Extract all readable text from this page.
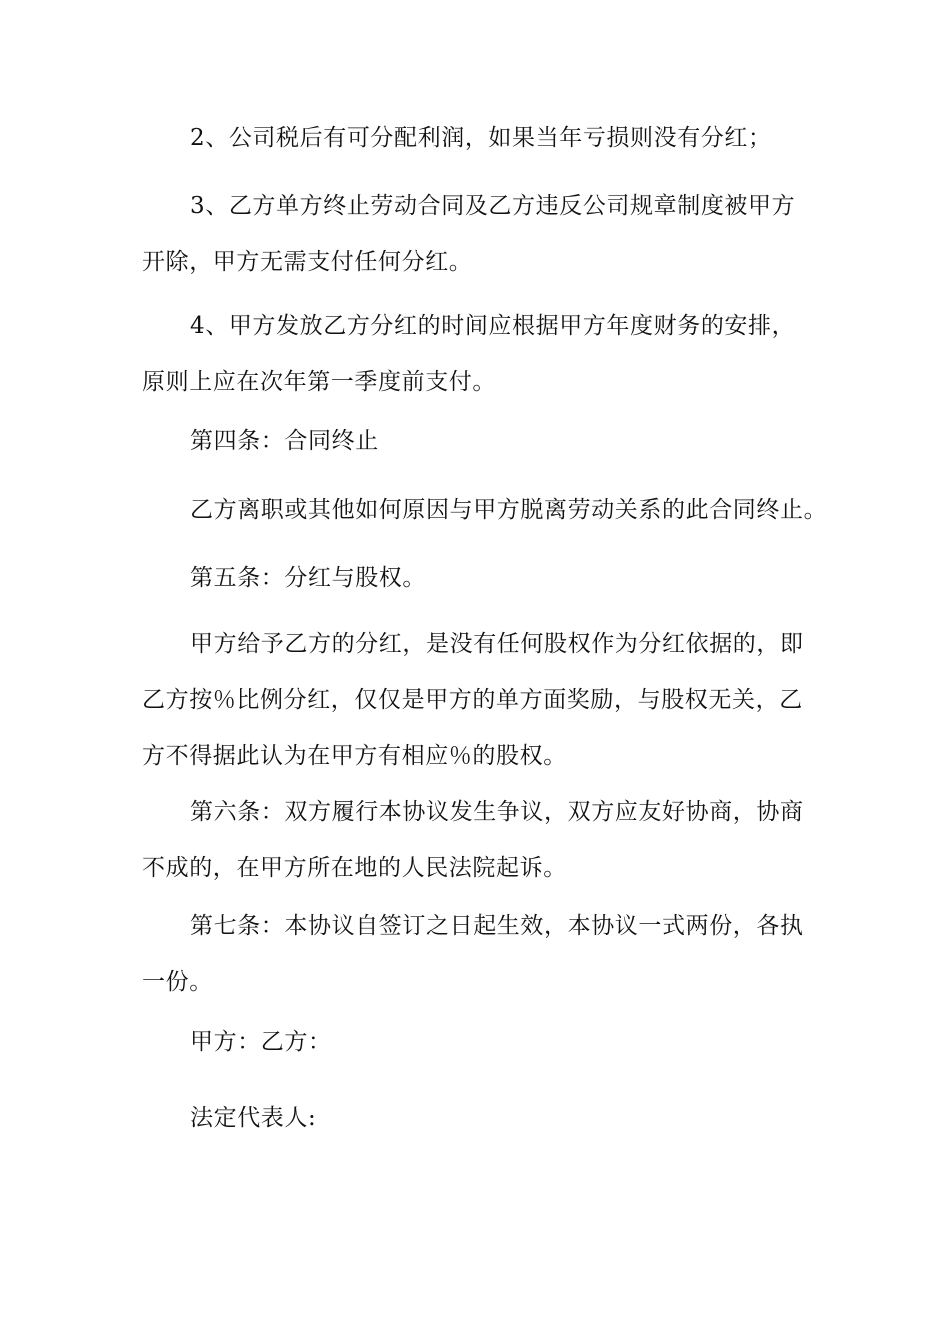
2、公司税后有可分配利润，如果当年亏损则没有分红；
3、乙方单方终止劳动合同及乙方违反公司规章制度被甲方
开除，甲方无需支付任何分红。
4、甲方发放乙方分红的时间应根据甲方年度财务的安排，
原则上应在次年第一季度前支付。
第四条：合同终止
乙方离职或其他如何原因与甲方脱离劳动关系的此合同终止。
第五条：分红与股权。
甲方给予乙方的分红，是没有任何股权作为分红依据的，即
乙方按％比例分红，仅仅是甲方的单方面奖励，与股权无关，乙
方不得据此认为在甲方有相应％的股权。
第六条：双方履行本协议发生争议，双方应友好协商，协商
不成的，在甲方所在地的人民法院起诉。
第七条：本协议自签订之日起生效，本协议一式两份，各执
一份。
甲方：乙方：
法定代表人:
